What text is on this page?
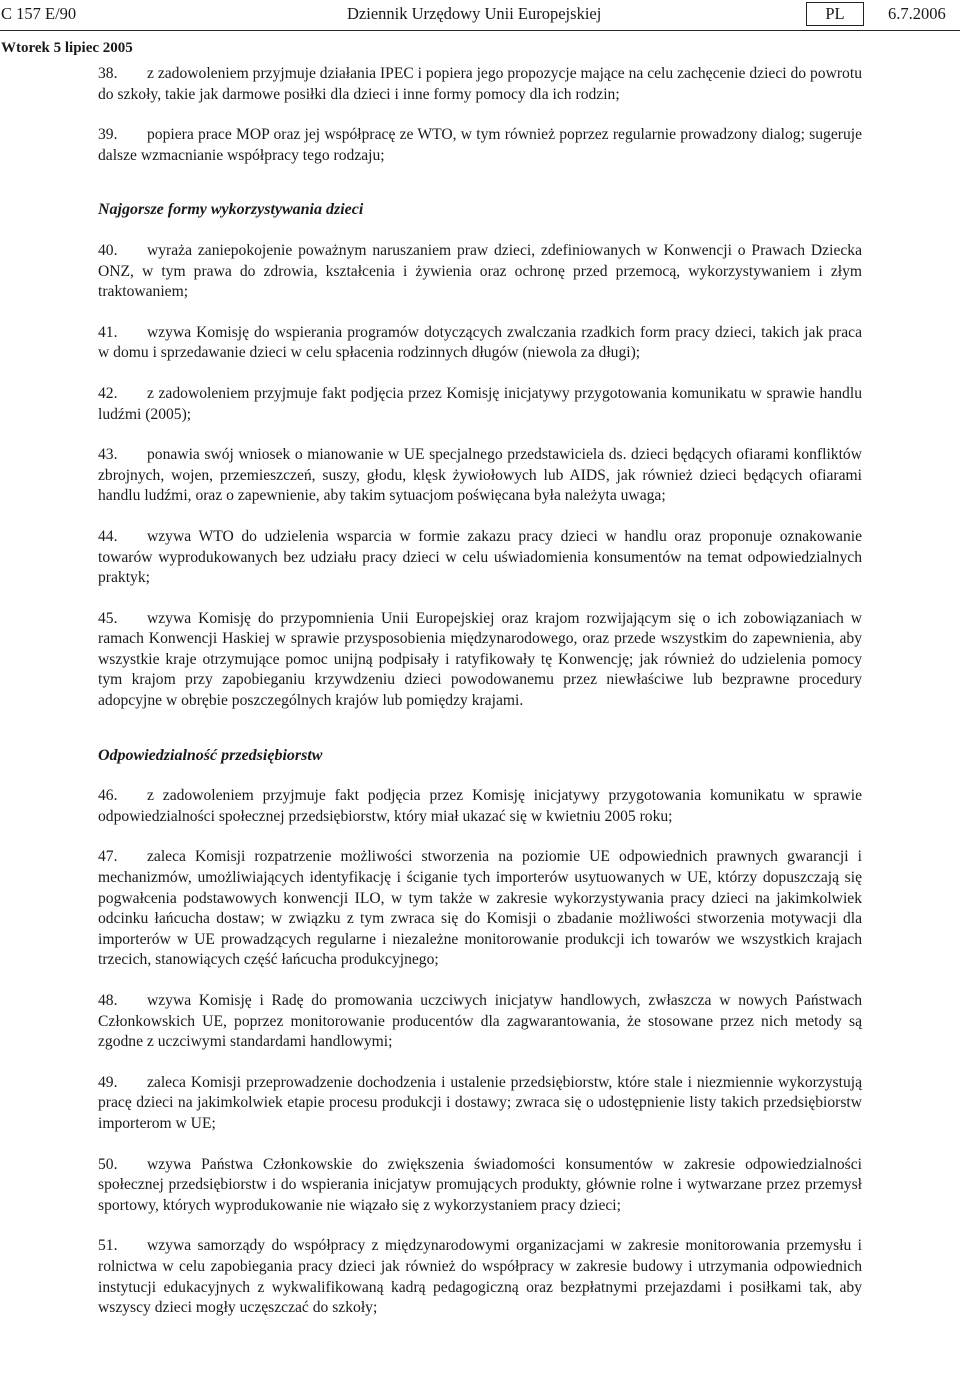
C 157 E/90	Dziennik Urzędowy Unii Europejskiej	PL	6.7.2006
Wtorek 5 lipiec 2005

38. z zadowoleniem przyjmuje działania IPEC i popiera jego propozycje mające na celu zachęcenie dzieci do powrotu do szkoły, takie jak darmowe posiłki dla dzieci i inne formy pomocy dla ich rodzin;

39. popiera prace MOP oraz jej współpracę ze WTO, w tym również poprzez regularnie prowadzony dialog; sugeruje dalsze wzmacnianie współpracy tego rodzaju;

Najgorsze formy wykorzystywania dzieci

40. wyraża zaniepokojenie poważnym naruszaniem praw dzieci, zdefiniowanych w Konwencji o Prawach Dziecka ONZ, w tym prawa do zdrowia, kształcenia i żywienia oraz ochronę przed przemocą, wykorzystywaniem i złym traktowaniem;

41. wzywa Komisję do wspierania programów dotyczących zwalczania rzadkich form pracy dzieci, takich jak praca w domu i sprzedawanie dzieci w celu spłacenia rodzinnych długów (niewola za długi);

42. z zadowoleniem przyjmuje fakt podjęcia przez Komisję inicjatywy przygotowania komunikatu w sprawie handlu ludźmi (2005);

43. ponawia swój wniosek o mianowanie w UE specjalnego przedstawiciela ds. dzieci będących ofiarami konfliktów zbrojnych, wojen, przemieszczeń, suszy, głodu, klęsk żywiołowych lub AIDS, jak również dzieci będących ofiarami handlu ludźmi, oraz o zapewnienie, aby takim sytuacjom poświęcana była należyta uwaga;

44. wzywa WTO do udzielenia wsparcia w formie zakazu pracy dzieci w handlu oraz proponuje oznakowanie towarów wyprodukowanych bez udziału pracy dzieci w celu uświadomienia konsumentów na temat odpowiedzialnych praktyk;

45. wzywa Komisję do przypomnienia Unii Europejskiej oraz krajom rozwijającym się o ich zobowiązaniach w ramach Konwencji Haskiej w sprawie przysposobienia międzynarodowego, oraz przede wszystkim do zapewnienia, aby wszystkie kraje otrzymujące pomoc unijną podpisały i ratyfikowały tę Konwencję; jak również do udzielenia pomocy tym krajom przy zapobieganiu krzywdzeniu dzieci powodowanemu przez niewłaściwe lub bezprawne procedury adopcyjne w obrębie poszczególnych krajów lub pomiędzy krajami.

Odpowiedzialność przedsiębiorstw

46. z zadowoleniem przyjmuje fakt podjęcia przez Komisję inicjatywy przygotowania komunikatu w sprawie odpowiedzialności społecznej przedsiębiorstw, który miał ukazać się w kwietniu 2005 roku;

47. zaleca Komisji rozpatrzenie możliwości stworzenia na poziomie UE odpowiednich prawnych gwarancji i mechanizmów, umożliwiających identyfikację i ściganie tych importerów usytuowanych w UE, którzy dopuszczają się pogwałcenia podstawowych konwencji ILO, w tym także w zakresie wykorzystywania pracy dzieci na jakimkolwiek odcinku łańcucha dostaw; w związku z tym zwraca się do Komisji o zbadanie możliwości stworzenia motywacji dla importerów w UE prowadzących regularne i niezależne monitorowanie produkcji ich towarów we wszystkich krajach trzecich, stanowiących część łańcucha produkcyjnego;

48. wzywa Komisję i Radę do promowania uczciwych inicjatyw handlowych, zwłaszcza w nowych Państwach Członkowskich UE, poprzez monitorowanie producentów dla zagwarantowania, że stosowane przez nich metody są zgodne z uczciwymi standardami handlowymi;

49. zaleca Komisji przeprowadzenie dochodzenia i ustalenie przedsiębiorstw, które stale i niezmiennie wykorzystują pracę dzieci na jakimkolwiek etapie procesu produkcji i dostawy; zwraca się o udostępnienie listy takich przedsiębiorstw importerom w UE;

50. wzywa Państwa Członkowskie do zwiększenia świadomości konsumentów w zakresie odpowiedzialności społecznej przedsiębiorstw i do wspierania inicjatyw promujących produkty, głównie rolne i wytwarzane przez przemysł sportowy, których wyprodukowanie nie wiązało się z wykorzystaniem pracy dzieci;

51. wzywa samorządy do współpracy z międzynarodowymi organizacjami w zakresie monitorowania przemysłu i rolnictwa w celu zapobiegania pracy dzieci jak również do współpracy w zakresie budowy i utrzymania odpowiednich instytucji edukacyjnych z wykwalifikowaną kadrą pedagogiczną oraz bezpłatnymi przejazdami i posiłkami tak, aby wszyscy dzieci mogły uczęszczać do szkoły;
